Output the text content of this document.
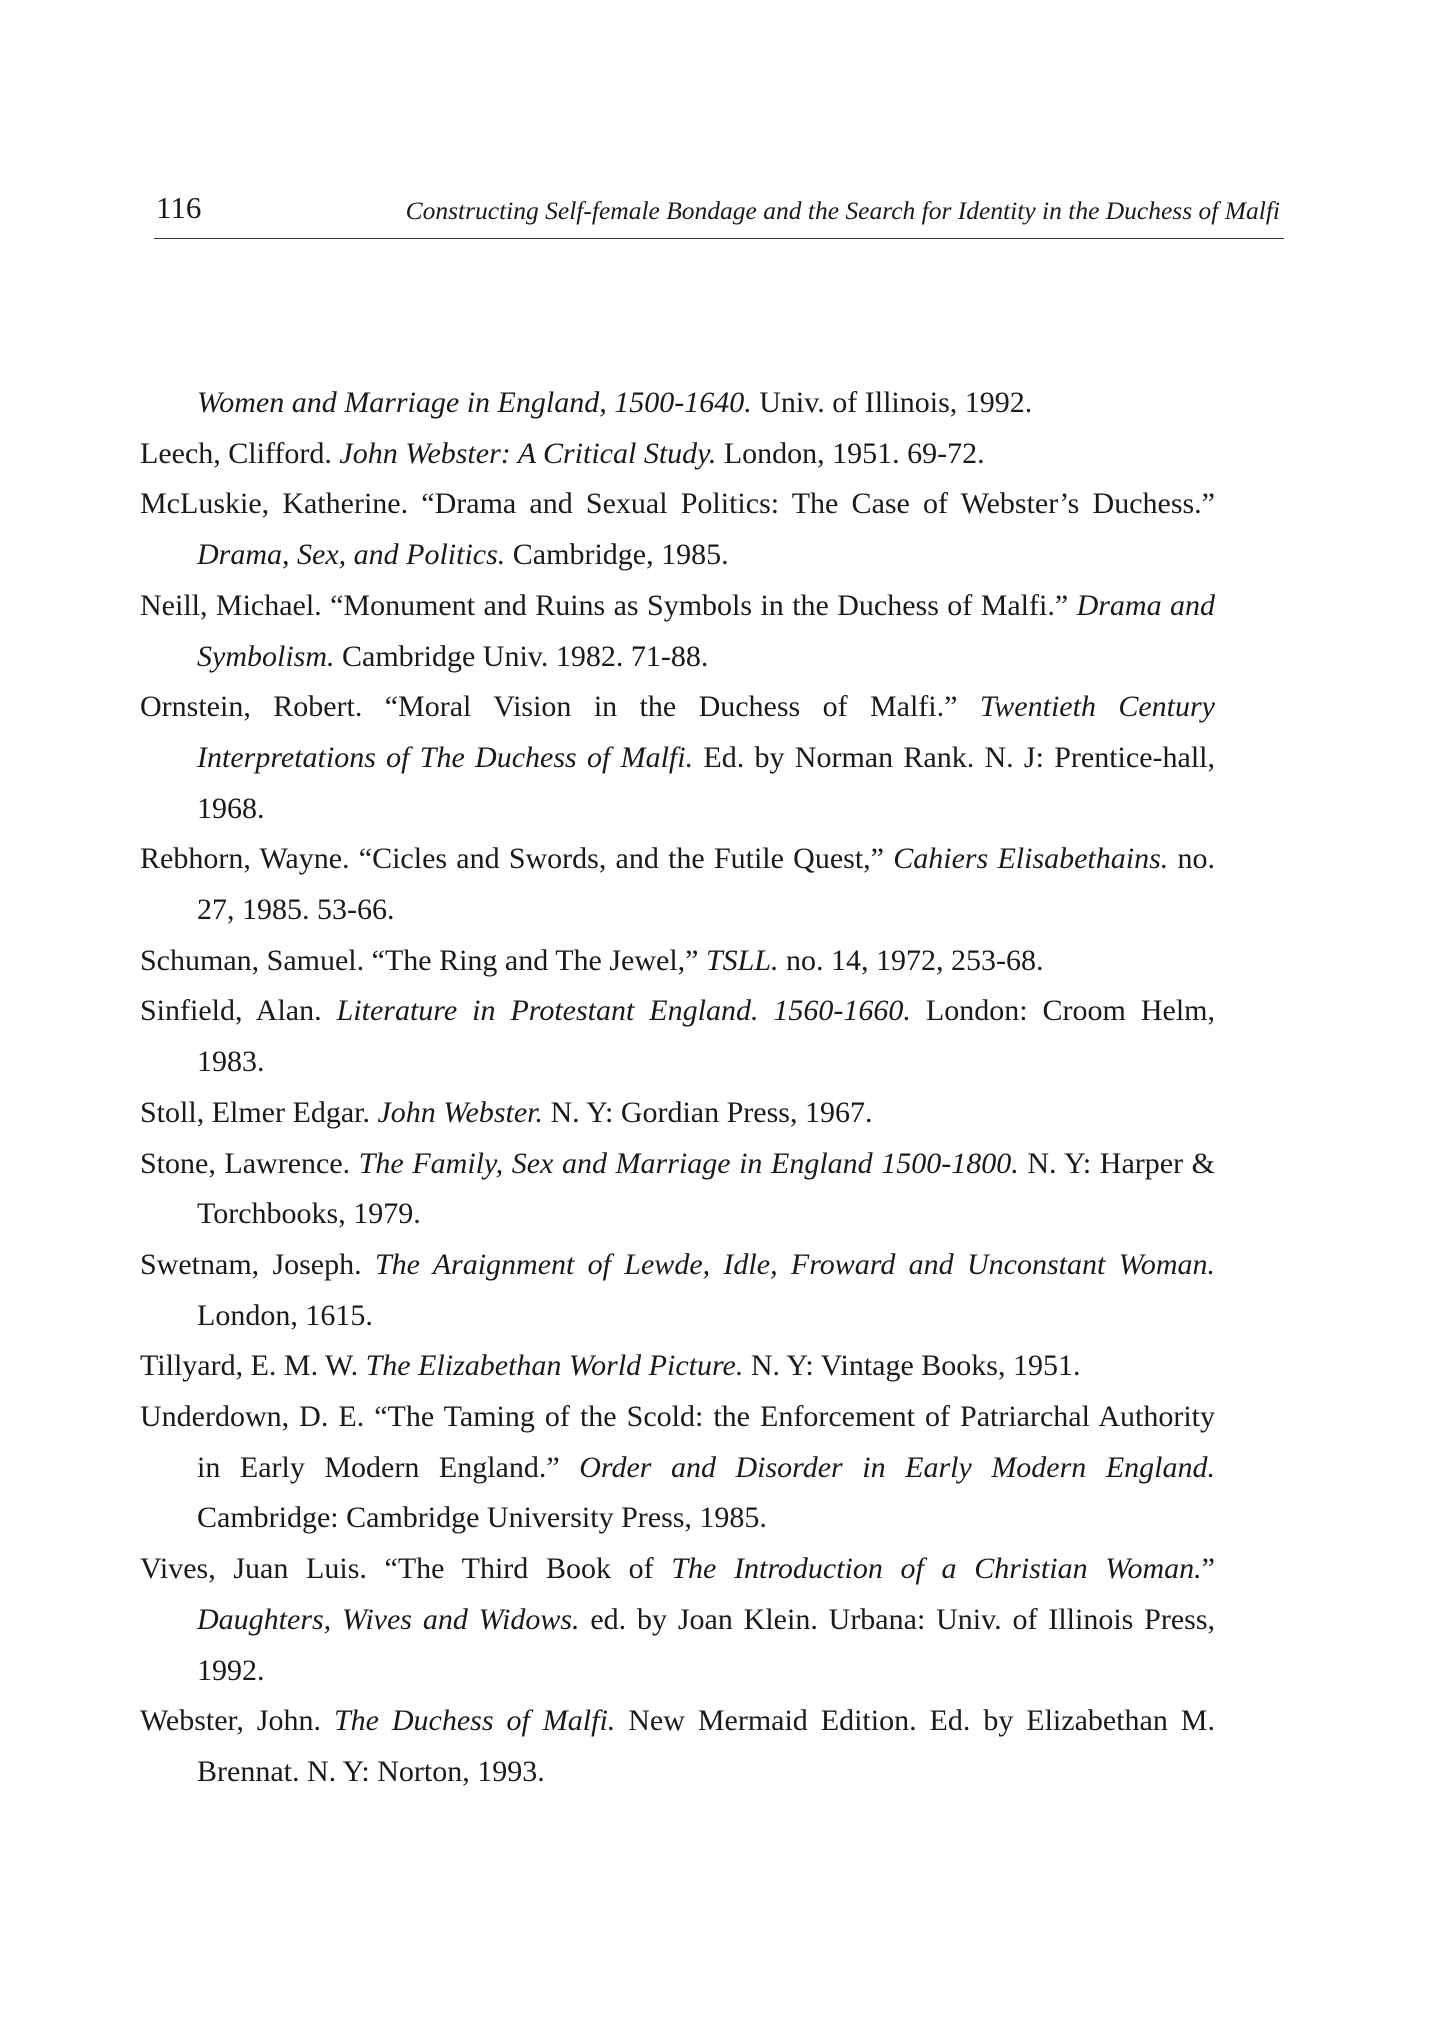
116	Constructing Self-female Bondage and the Search for Identity in the Duchess of Malfi
Women and Marriage in England, 1500-1640. Univ. of Illinois, 1992.
Leech, Clifford. John Webster: A Critical Study. London, 1951. 69-72.
McLuskie, Katherine. “Drama and Sexual Politics: The Case of Webster’s Duchess.” Drama, Sex, and Politics. Cambridge, 1985.
Neill, Michael. “Monument and Ruins as Symbols in the Duchess of Malfi.” Drama and Symbolism. Cambridge Univ. 1982. 71-88.
Ornstein, Robert. “Moral Vision in the Duchess of Malfi.” Twentieth Century Interpretations of The Duchess of Malfi. Ed. by Norman Rank. N. J: Prentice-hall, 1968.
Rebhorn, Wayne. “Cicles and Swords, and the Futile Quest,” Cahiers Elisabethains. no. 27, 1985. 53-66.
Schuman, Samuel. “The Ring and The Jewel,” TSLL. no. 14, 1972, 253-68.
Sinfield, Alan. Literature in Protestant England. 1560-1660. London: Croom Helm, 1983.
Stoll, Elmer Edgar. John Webster. N. Y: Gordian Press, 1967.
Stone, Lawrence. The Family, Sex and Marriage in England 1500-1800. N. Y: Harper & Torchbooks, 1979.
Swetnam, Joseph. The Araignment of Lewde, Idle, Froward and Unconstant Woman. London, 1615.
Tillyard, E. M. W. The Elizabethan World Picture. N. Y: Vintage Books, 1951.
Underdown, D. E. “The Taming of the Scold: the Enforcement of Patriarchal Authority in Early Modern England.” Order and Disorder in Early Modern England. Cambridge: Cambridge University Press, 1985.
Vives, Juan Luis. “The Third Book of The Introduction of a Christian Woman.” Daughters, Wives and Widows. ed. by Joan Klein. Urbana: Univ. of Illinois Press, 1992.
Webster, John. The Duchess of Malfi. New Mermaid Edition. Ed. by Elizabethan M. Brennat. N. Y: Norton, 1993.
